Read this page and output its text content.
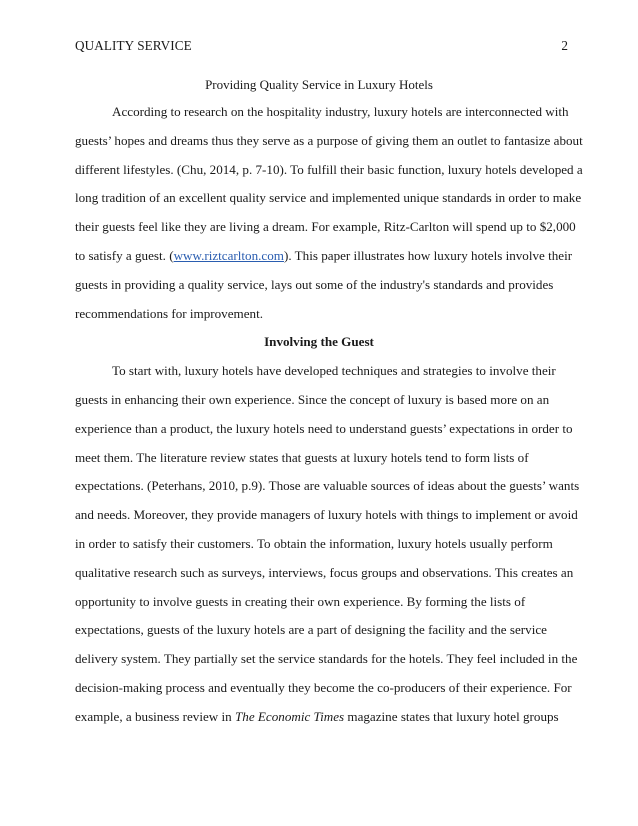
QUALITY SERVICE	2
Providing Quality Service in Luxury Hotels
According to research on the hospitality industry, luxury hotels are interconnected with
guests’ hopes and dreams thus they serve as a purpose of giving them an outlet to fantasize about
different lifestyles. (Chu, 2014, p. 7-10). To fulfill their basic function, luxury hotels developed a
long tradition of an excellent quality service and implemented unique standards in order to make
their guests feel like they are living a dream. For example, Ritz-Carlton will spend up to $2,000
to satisfy a guest. (www.riztcarlton.com). This paper illustrates how luxury hotels involve their
guests in providing a quality service, lays out some of the industry's standards and provides
recommendations for improvement.
Involving the Guest
To start with, luxury hotels have developed techniques and strategies to involve their
guests in enhancing their own experience. Since the concept of luxury is based more on an
experience than a product, the luxury hotels need to understand guests’ expectations in order to
meet them. The literature review states that guests at luxury hotels tend to form lists of
expectations. (Peterhans, 2010, p.9). Those are valuable sources of ideas about the guests’ wants
and needs. Moreover, they provide managers of luxury hotels with things to implement or avoid
in order to satisfy their customers. To obtain the information, luxury hotels usually perform
qualitative research such as surveys, interviews, focus groups and observations. This creates an
opportunity to involve guests in creating their own experience. By forming the lists of
expectations, guests of the luxury hotels are a part of designing the facility and the service
delivery system. They partially set the service standards for the hotels. They feel included in the
decision-making process and eventually they become the co-producers of their experience. For
example, a business review in The Economic Times magazine states that luxury hotel groups
